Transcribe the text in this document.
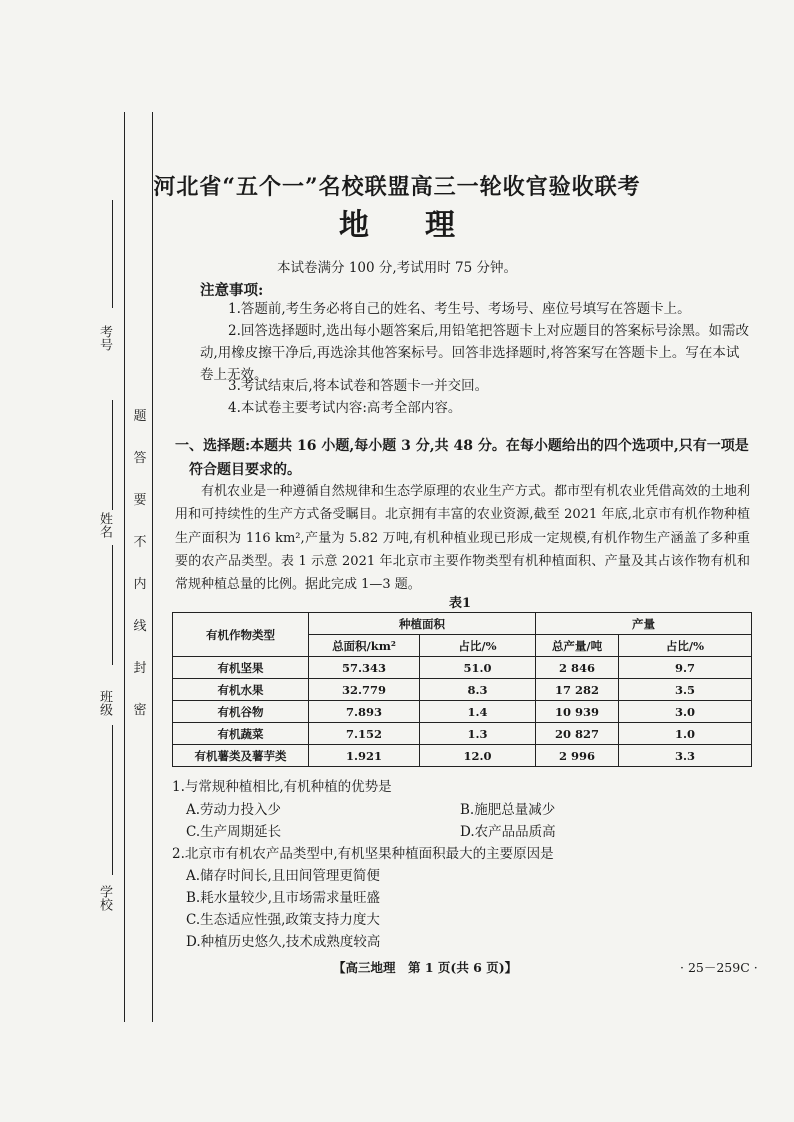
考号
姓名
班级
学校
题
答
要
不
内
线
封
密
河北省“五个一”名校联盟高三一轮收官验收联考
地理
本试卷满分 100 分,考试用时 75 分钟。
注意事项:
1.答题前,考生务必将自己的姓名、考生号、考场号、座位号填写在答题卡上。
2.回答选择题时,选出每小题答案后,用铅笔把答题卡上对应题目的答案标号涂黑。如需改动,用橡皮擦干净后,再选涂其他答案标号。回答非选择题时,将答案写在答题卡上。写在本试卷上无效。
3.考试结束后,将本试卷和答题卡一并交回。
4.本试卷主要考试内容:高考全部内容。
一、选择题:本题共 16 小题,每小题 3 分,共 48 分。在每小题给出的四个选项中,只有一项是符合题目要求的。
有机农业是一种遵循自然规律和生态学原理的农业生产方式。都市型有机农业凭借高效的土地利用和可持续性的生产方式备受瞩目。北京拥有丰富的农业资源,截至 2021 年底,北京市有机作物种植生产面积为 116 km²,产量为 5.82 万吨,有机种植业现已形成一定规模,有机作物生产涵盖了多种重要的农产品类型。表 1 示意 2021 年北京市主要作物类型有机种植面积、产量及其占该作物有机和常规种植总量的比例。据此完成 1—3 题。
表1
有机作物类型	种植面积		产量	
	总面积/km²	占比/%	总产量/吨	占比/%
有机坚果	57.343	51.0	2 846	9.7
有机水果	32.779	8.3	17 282	3.5
有机谷物	7.893	1.4	10 939	3.0
有机蔬菜	7.152	1.3	20 827	1.0
有机薯类及薯芋类	1.921	12.0	2 996	3.3
1.与常规种植相比,有机种植的优势是
A.劳动力投入少	B.施肥总量减少
C.生产周期延长	D.农产品品质高
2.北京市有机农产品类型中,有机坚果种植面积最大的主要原因是
A.储存时间长,且田间管理更简便
B.耗水量较少,且市场需求量旺盛
C.生态适应性强,政策支持力度大
D.种植历史悠久,技术成熟度较高
【高三地理　第 1 页(共 6 页)】	· 25－259C ·
